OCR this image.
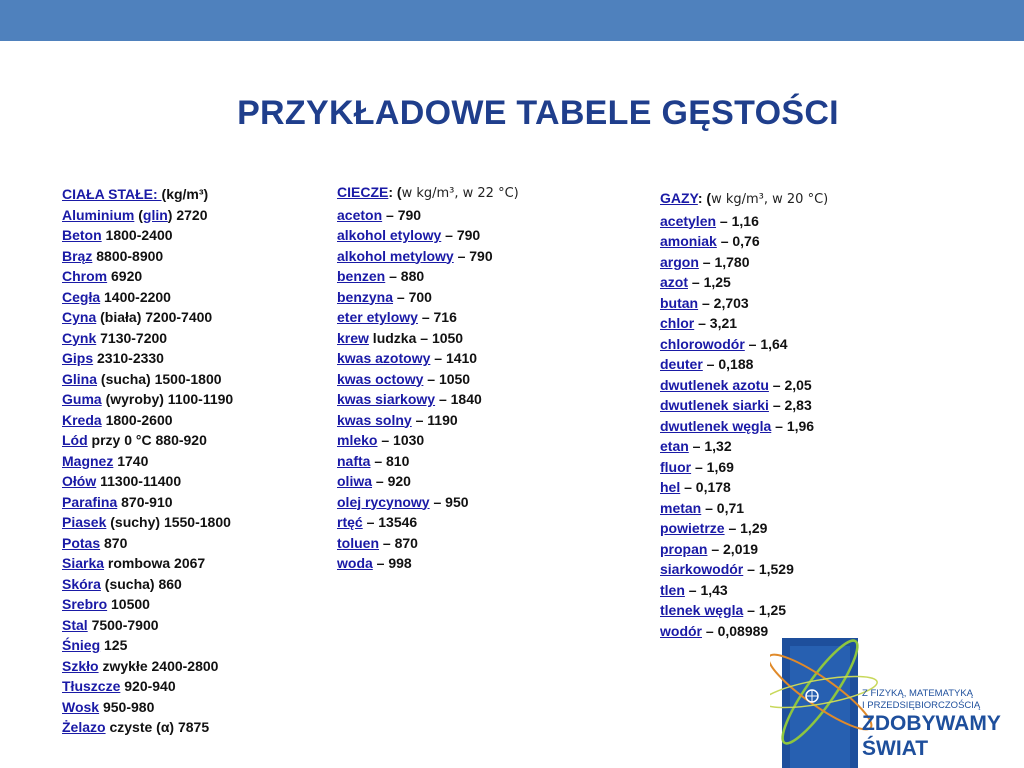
PRZYKŁADOWE TABELE GĘSTOŚCI
CIAŁA STAŁE: (kg/m³)
Aluminium (glin) 2720
Beton 1800-2400
Brąz 8800-8900
Chrom 6920
Cegła 1400-2200
Cyna (biała) 7200-7400
Cynk 7130-7200
Gips 2310-2330
Glina (sucha) 1500-1800
Guma (wyroby) 1100-1190
Kreda 1800-2600
Lód przy 0 °C 880-920
Magnez 1740
Ołów 11300-11400
Parafina 870-910
Piasek (suchy) 1550-1800
Potas 870
Siarka rombowa 2067
Skóra (sucha) 860
Srebro 10500
Stal 7500-7900
Śnieg 125
Szkło zwykłe 2400-2800
Tłuszcze 920-940
Wosk 950-980
Żelazo czyste (α) 7875
CIECZE: (w kg/m³, w 22 °C)
aceton – 790
alkohol etylowy – 790
alkohol metylowy – 790
benzen – 880
benzyna – 700
eter etylowy – 716
krew ludzka – 1050
kwas azotowy – 1410
kwas octowy – 1050
kwas siarkowy – 1840
kwas solny – 1190
mleko – 1030
nafta – 810
oliwa – 920
olej rycynowy – 950
rtęć – 13546
toluen – 870
woda – 998
GAZY: (w kg/m³, w 20 °C)
acetylen – 1,16
amoniak – 0,76
argon – 1,780
azot – 1,25
butan – 2,703
chlor – 3,21
chlorowodór – 1,64
deuter – 0,188
dwutlenek azotu – 2,05
dwutlenek siarki – 2,83
dwutlenek węgla – 1,96
etan – 1,32
fluor – 1,69
hel – 0,178
metan – 0,71
powietrze – 1,29
propan – 2,019
siarkowodór – 1,529
tlen – 1,43
tlenek węgla – 1,25
wodór – 0,08989
Z FIZYKĄ, MATEMATYKĄ
I PRZEDSIĘBIORCZOŚCIĄ
ZDOBYWAMY
ŚWIAT
